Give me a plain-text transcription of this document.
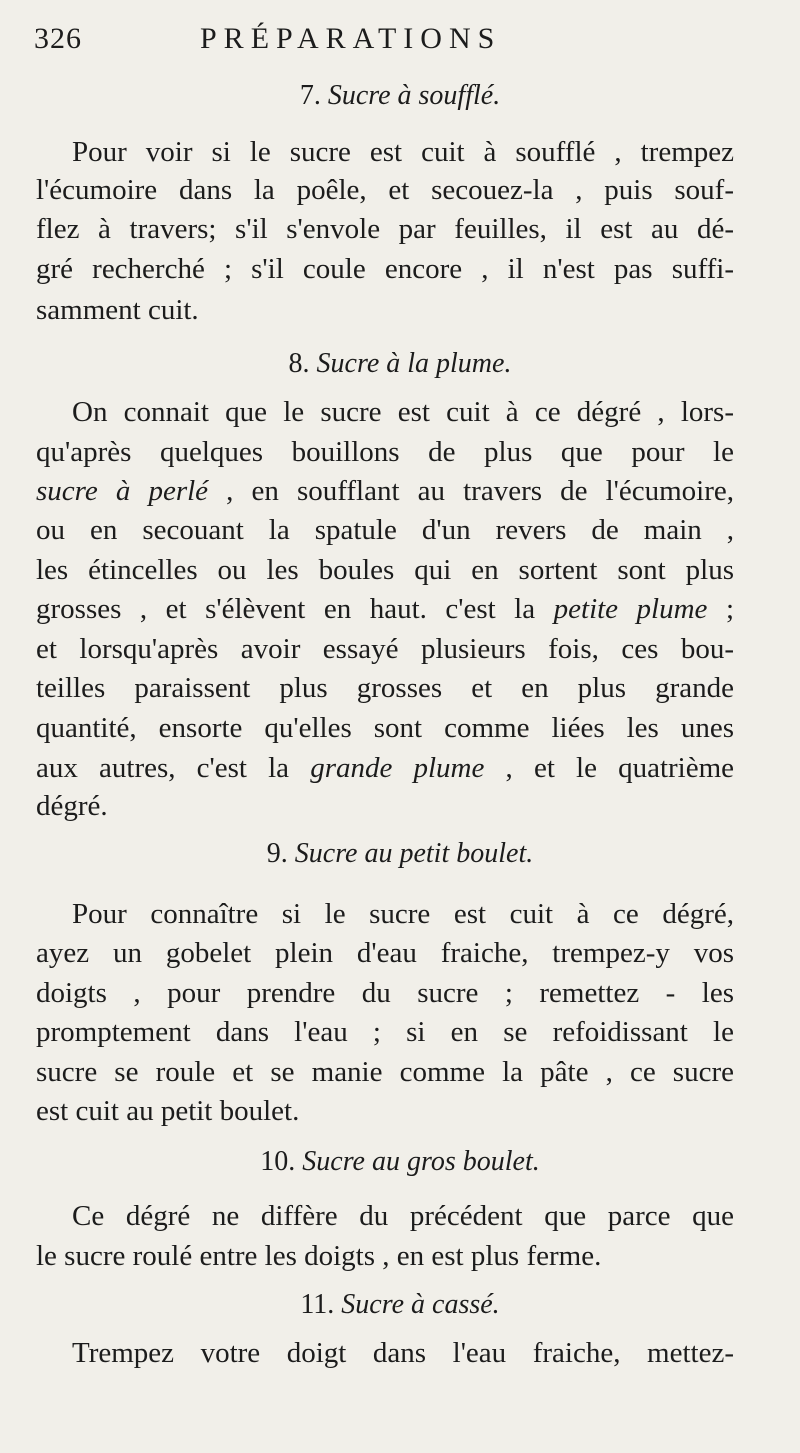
326	PRÉPARATIONS
7. Sucre à soufflé.
Pour voir si le sucre est cuit à soufflé , trempez
l'écumoire dans la poêle, et secouez-la , puis souf-
flez à travers; s'il s'envole par feuilles, il est au dé-
gré recherché ; s'il coule encore , il n'est pas suffi-
samment cuit.
8. Sucre à la plume.
On connait que le sucre est cuit à ce dégré , lors-
qu'après quelques bouillons de plus que pour le
sucre à perlé , en soufflant au travers de l'écumoire,
ou en secouant la spatule d'un revers de main ,
les étincelles ou les boules qui en sortent sont plus
grosses , et s'élèvent en haut. c'est la petite plume ;
et lorsqu'après avoir essayé plusieurs fois, ces bou-
teilles paraissent plus grosses et en plus grande
quantité, ensorte qu'elles sont comme liées les unes
aux autres, c'est la grande plume , et le quatrième
dégré.
9. Sucre au petit boulet.
Pour connaître si le sucre est cuit à ce dégré,
ayez un gobelet plein d'eau fraiche, trempez-y vos
doigts , pour prendre du sucre ; remettez - les
promptement dans l'eau ; si en se refoidissant le
sucre se roule et se manie comme la pâte , ce sucre
est cuit au petit boulet.
10. Sucre au gros boulet.
Ce dégré ne diffère du précédent que parce que
le sucre roulé entre les doigts , en est plus ferme.
11. Sucre à cassé.
Trempez votre doigt dans l'eau fraiche, mettez-
